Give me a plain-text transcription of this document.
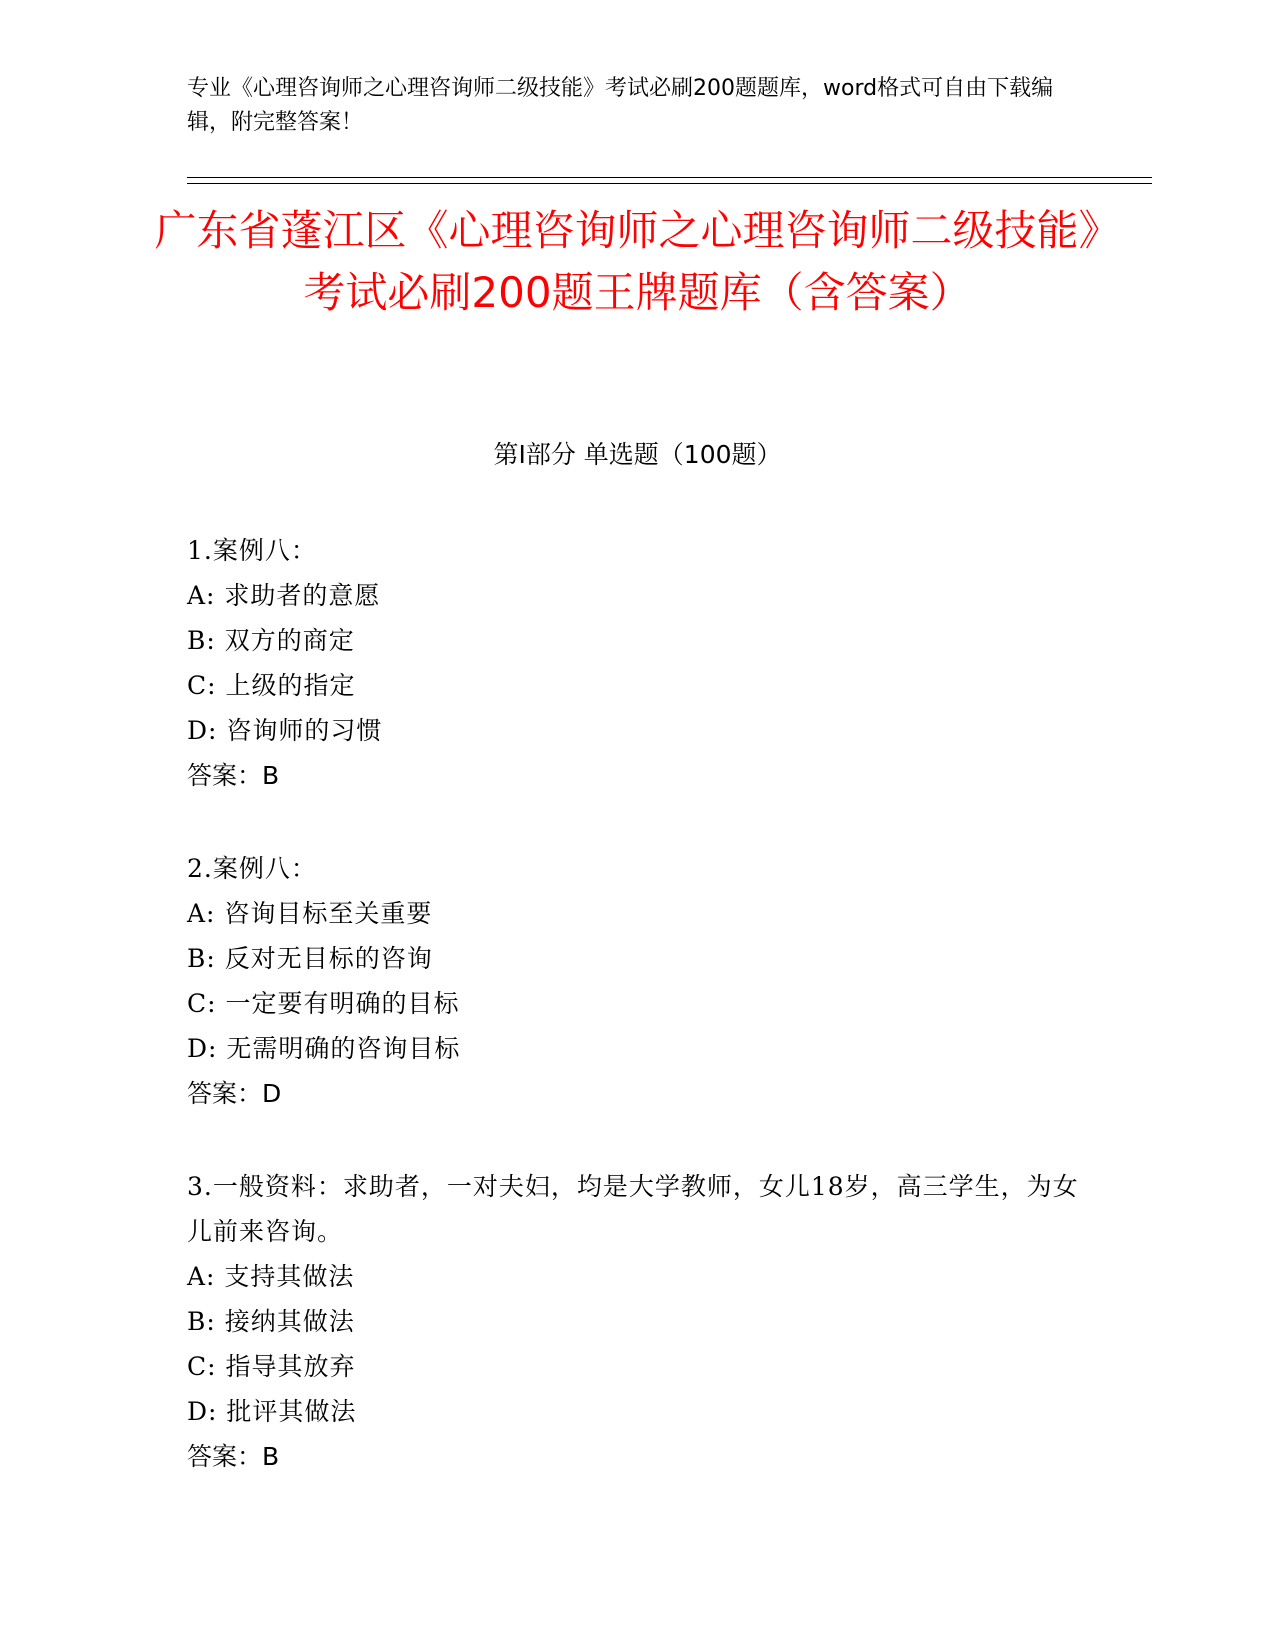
专业《心理咨询师之心理咨询师二级技能》考试必刷200题题库，word格式可自由下载编辑，附完整答案！

广东省蓬江区《心理咨询师之心理咨询师二级技能》考试必刷200题王牌题库（含答案）
第Ⅰ部分 单选题（100题）

1.案例八：

A: 求助者的意愿

B: 双方的商定

C: 上级的指定

D: 咨询师的习惯

答案：B

2.案例八：

A: 咨询目标至关重要

B: 反对无目标的咨询

C: 一定要有明确的目标

D: 无需明确的咨询目标

答案：D

3.一般资料：求助者，一对夫妇，均是大学教师，女儿18岁，高三学生，为女儿前来咨询。

A: 支持其做法

B: 接纳其做法

C: 指导其放弃

D: 批评其做法

答案：B
